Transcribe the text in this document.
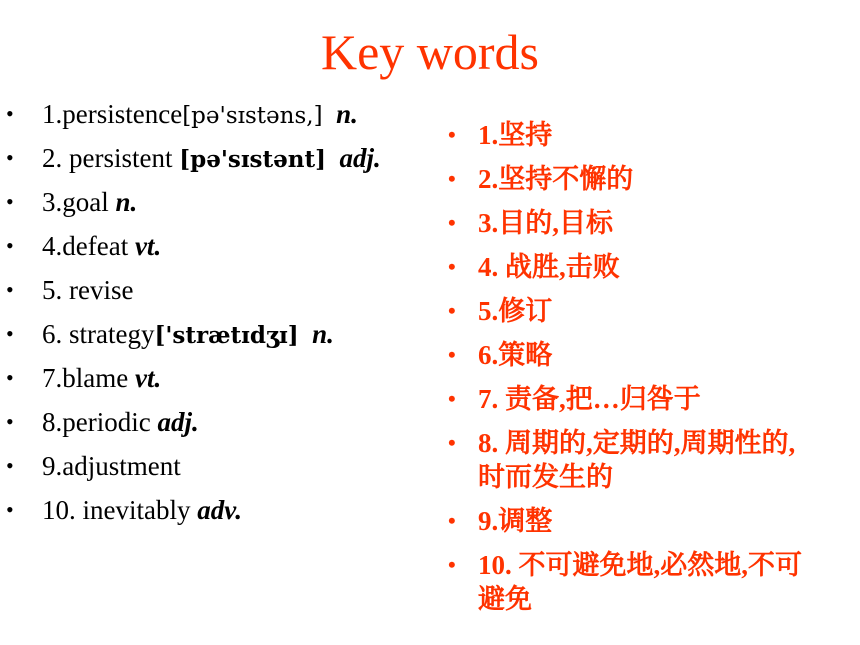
Key words
• 1.persistence[pə'sɪstəns,] n.
• 2. persistent [pə'sɪstənt] adj.
• 3.goal n.
• 4.defeat vt.
• 5. revise
• 6. strategy['strætɪdʒɪ] n.
• 7.blame vt.
• 8.periodic adj.
• 9.adjustment
• 10. inevitably adv.
• 1.坚持
• 2.坚持不懈的
• 3.目的,目标
• 4. 战胜,击败
• 5.修订
• 6.策略
• 7. 责备,把…归咎于
• 8. 周期的,定期的,周期性的,时而发生的
• 9.调整
• 10. 不可避免地,必然地,不可避免
